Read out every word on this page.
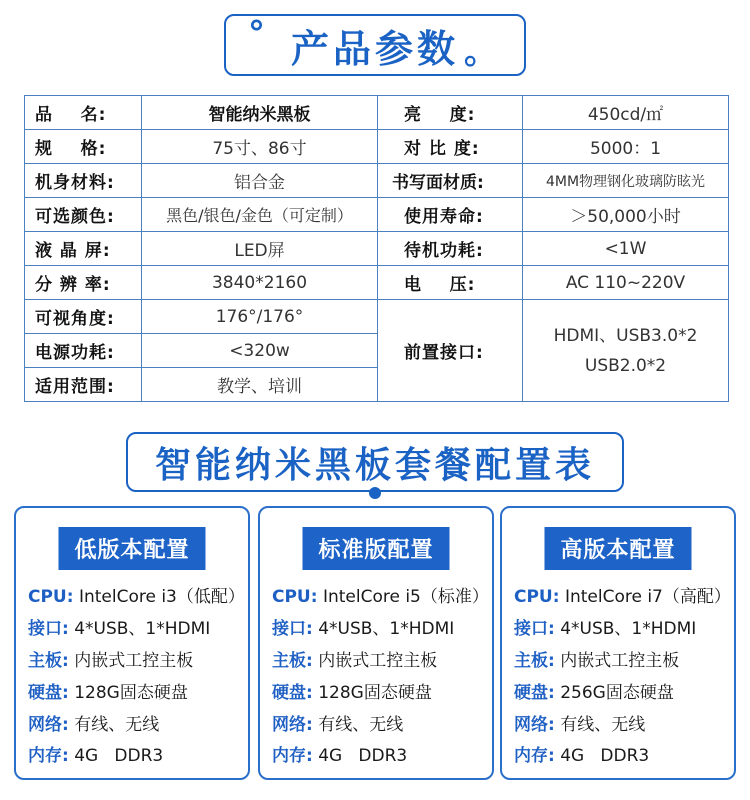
° 产品参数 。
品    名:	智能纳米黑板	亮    度:	450cd/㎡
规    格:	75寸、86寸	对 比 度:	5000：1
机身材料:	铝合金	书写面材质:	4MM物理钢化玻璃防眩光
可选颜色:	黑色/银色/金色（可定制）	使用寿命:	＞50,000小时
液 晶 屏:	LED屏	待机功耗:	<1W
分 辨 率:	3840*2160	电    压:	AC 110~220V
可视角度:	176°/176°	前置接口:	HDMI、USB3.0*2
USB2.0*2

电源功耗:	<320w		
适用范围:	教学、培训		
智能纳米黑板套餐配置表
低版本配置
CPU: IntelCore i3（低配）
接口: 4*USB、1*HDMI
主板: 内嵌式工控主板
硬盘: 128G固态硬盘
网络: 有线、无线
内存: 4G   DDR3
标准版配置
CPU: IntelCore i5（标准）
接口: 4*USB、1*HDMI
主板: 内嵌式工控主板
硬盘: 128G固态硬盘
网络: 有线、无线
内存: 4G   DDR3
高版本配置
CPU: IntelCore i7（高配）
接口: 4*USB、1*HDMI
主板: 内嵌式工控主板
硬盘: 256G固态硬盘
网络: 有线、无线
内存: 4G   DDR3
